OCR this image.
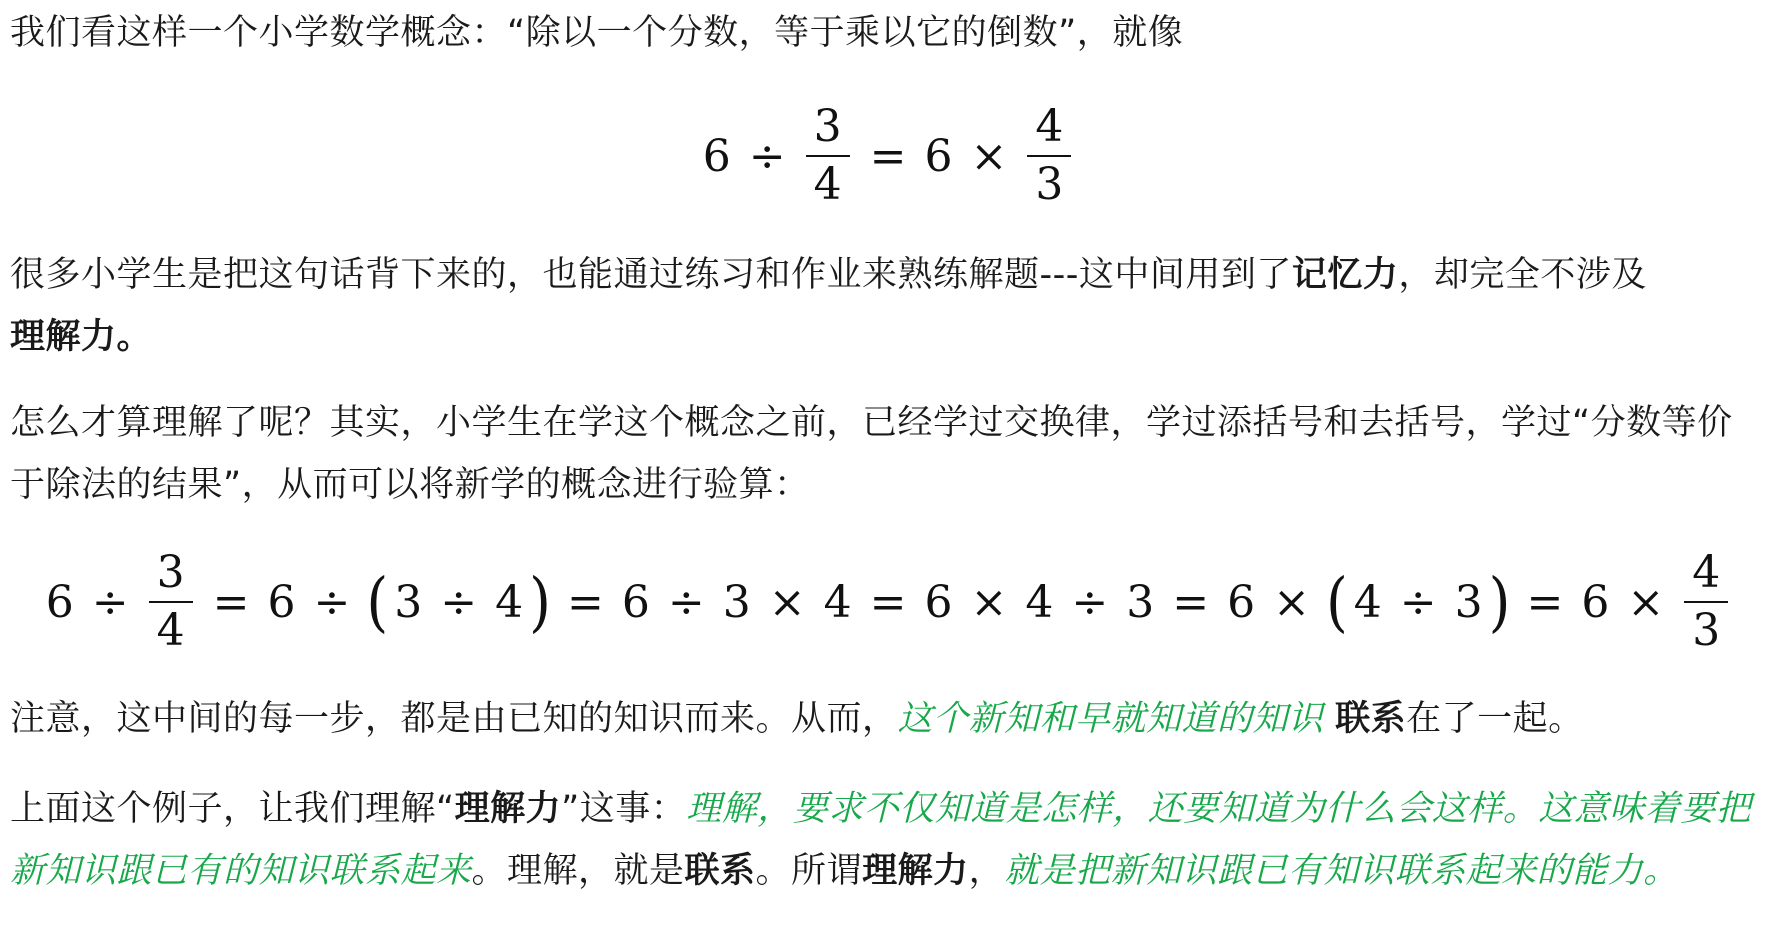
我们看这样一个小学数学概念：“除以一个分数，等于乘以它的倒数”，就像

$6 \div \frac{3}{4} = 6 \times \frac{4}{3}$

很多小学生是把这句话背下来的，也能通过练习和作业来熟练解题---这中间用到了记忆力，却完全不涉及
理解力。

怎么才算理解了呢？其实，小学生在学这个概念之前，已经学过交换律，学过添括号和去括号，学过“分数等价于除法的结果”，从而可以将新学的概念进行验算：

$6 \div \frac{3}{4} = 6$ ÷ ( 3 ÷ 4 ) = 6 ÷ 3 × 4 = 6 × 4 ÷ 3 = 6 × ( 4 ÷ 3 ) = $6 \times \frac{4}{3}$

注意，这中间的每一步，都是由已知的知识而来。从而，这个新知和早就知道的知识 联系在了一起。

上面这个例子，让我们理解“理解力”这事：理解，要求不仅知道是怎样，还要知道为什么会这样。这意味着要把新知识跟已有的知识联系起来。理解，就是联系。所谓理解力，就是把新知识跟已有知识联系起来的能力。
